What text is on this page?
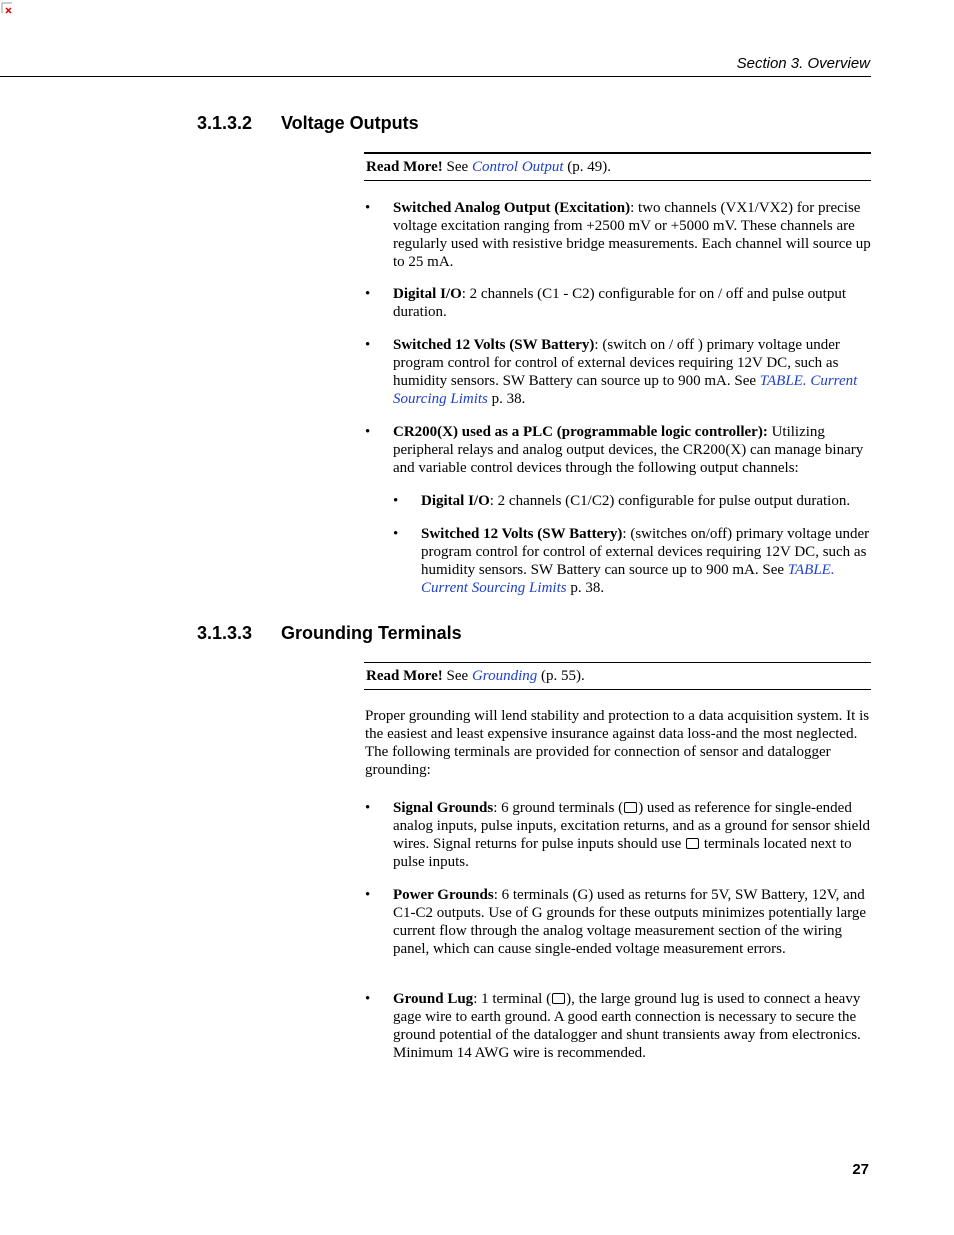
Section 3. Overview
3.1.3.2 Voltage Outputs
Read More! See Control Output (p. 49).
• Switched Analog Output (Excitation): two channels (VX1/VX2) for precise voltage excitation ranging from +2500 mV or +5000 mV. These channels are regularly used with resistive bridge measurements. Each channel will source up to 25 mA.
• Digital I/O: 2 channels (C1 - C2) configurable for on / off and pulse output duration.
• Switched 12 Volts (SW Battery): (switch on / off ) primary voltage under program control for control of external devices requiring 12V DC, such as humidity sensors. SW Battery can source up to 900 mA. See TABLE. Current Sourcing Limits p. 38.
• CR200(X) used as a PLC (programmable logic controller): Utilizing peripheral relays and analog output devices, the CR200(X) can manage binary and variable control devices through the following output channels:
• Digital I/O: 2 channels (C1/C2) configurable for pulse output duration.
• Switched 12 Volts (SW Battery): (switches on/off) primary voltage under program control for control of external devices requiring 12V DC, such as humidity sensors. SW Battery can source up to 900 mA. See TABLE. Current Sourcing Limits p. 38.
3.1.3.3 Grounding Terminals
Read More! See Grounding (p. 55).
Proper grounding will lend stability and protection to a data acquisition system. It is the easiest and least expensive insurance against data loss-and the most neglected. The following terminals are provided for connection of sensor and datalogger grounding:
• Signal Grounds: 6 ground terminals ( ) used as reference for single-ended analog inputs, pulse inputs, excitation returns, and as a ground for sensor shield wires. Signal returns for pulse inputs should use  terminals located next to pulse inputs.
• Power Grounds: 6 terminals (G) used as returns for 5V, SW Battery, 12V, and C1-C2 outputs. Use of G grounds for these outputs minimizes potentially large current flow through the analog voltage measurement section of the wiring panel, which can cause single-ended voltage measurement errors.
• Ground Lug: 1 terminal ( ), the large ground lug is used to connect a heavy gage wire to earth ground. A good earth connection is necessary to secure the ground potential of the datalogger and shunt transients away from electronics. Minimum 14 AWG wire is recommended.
27
